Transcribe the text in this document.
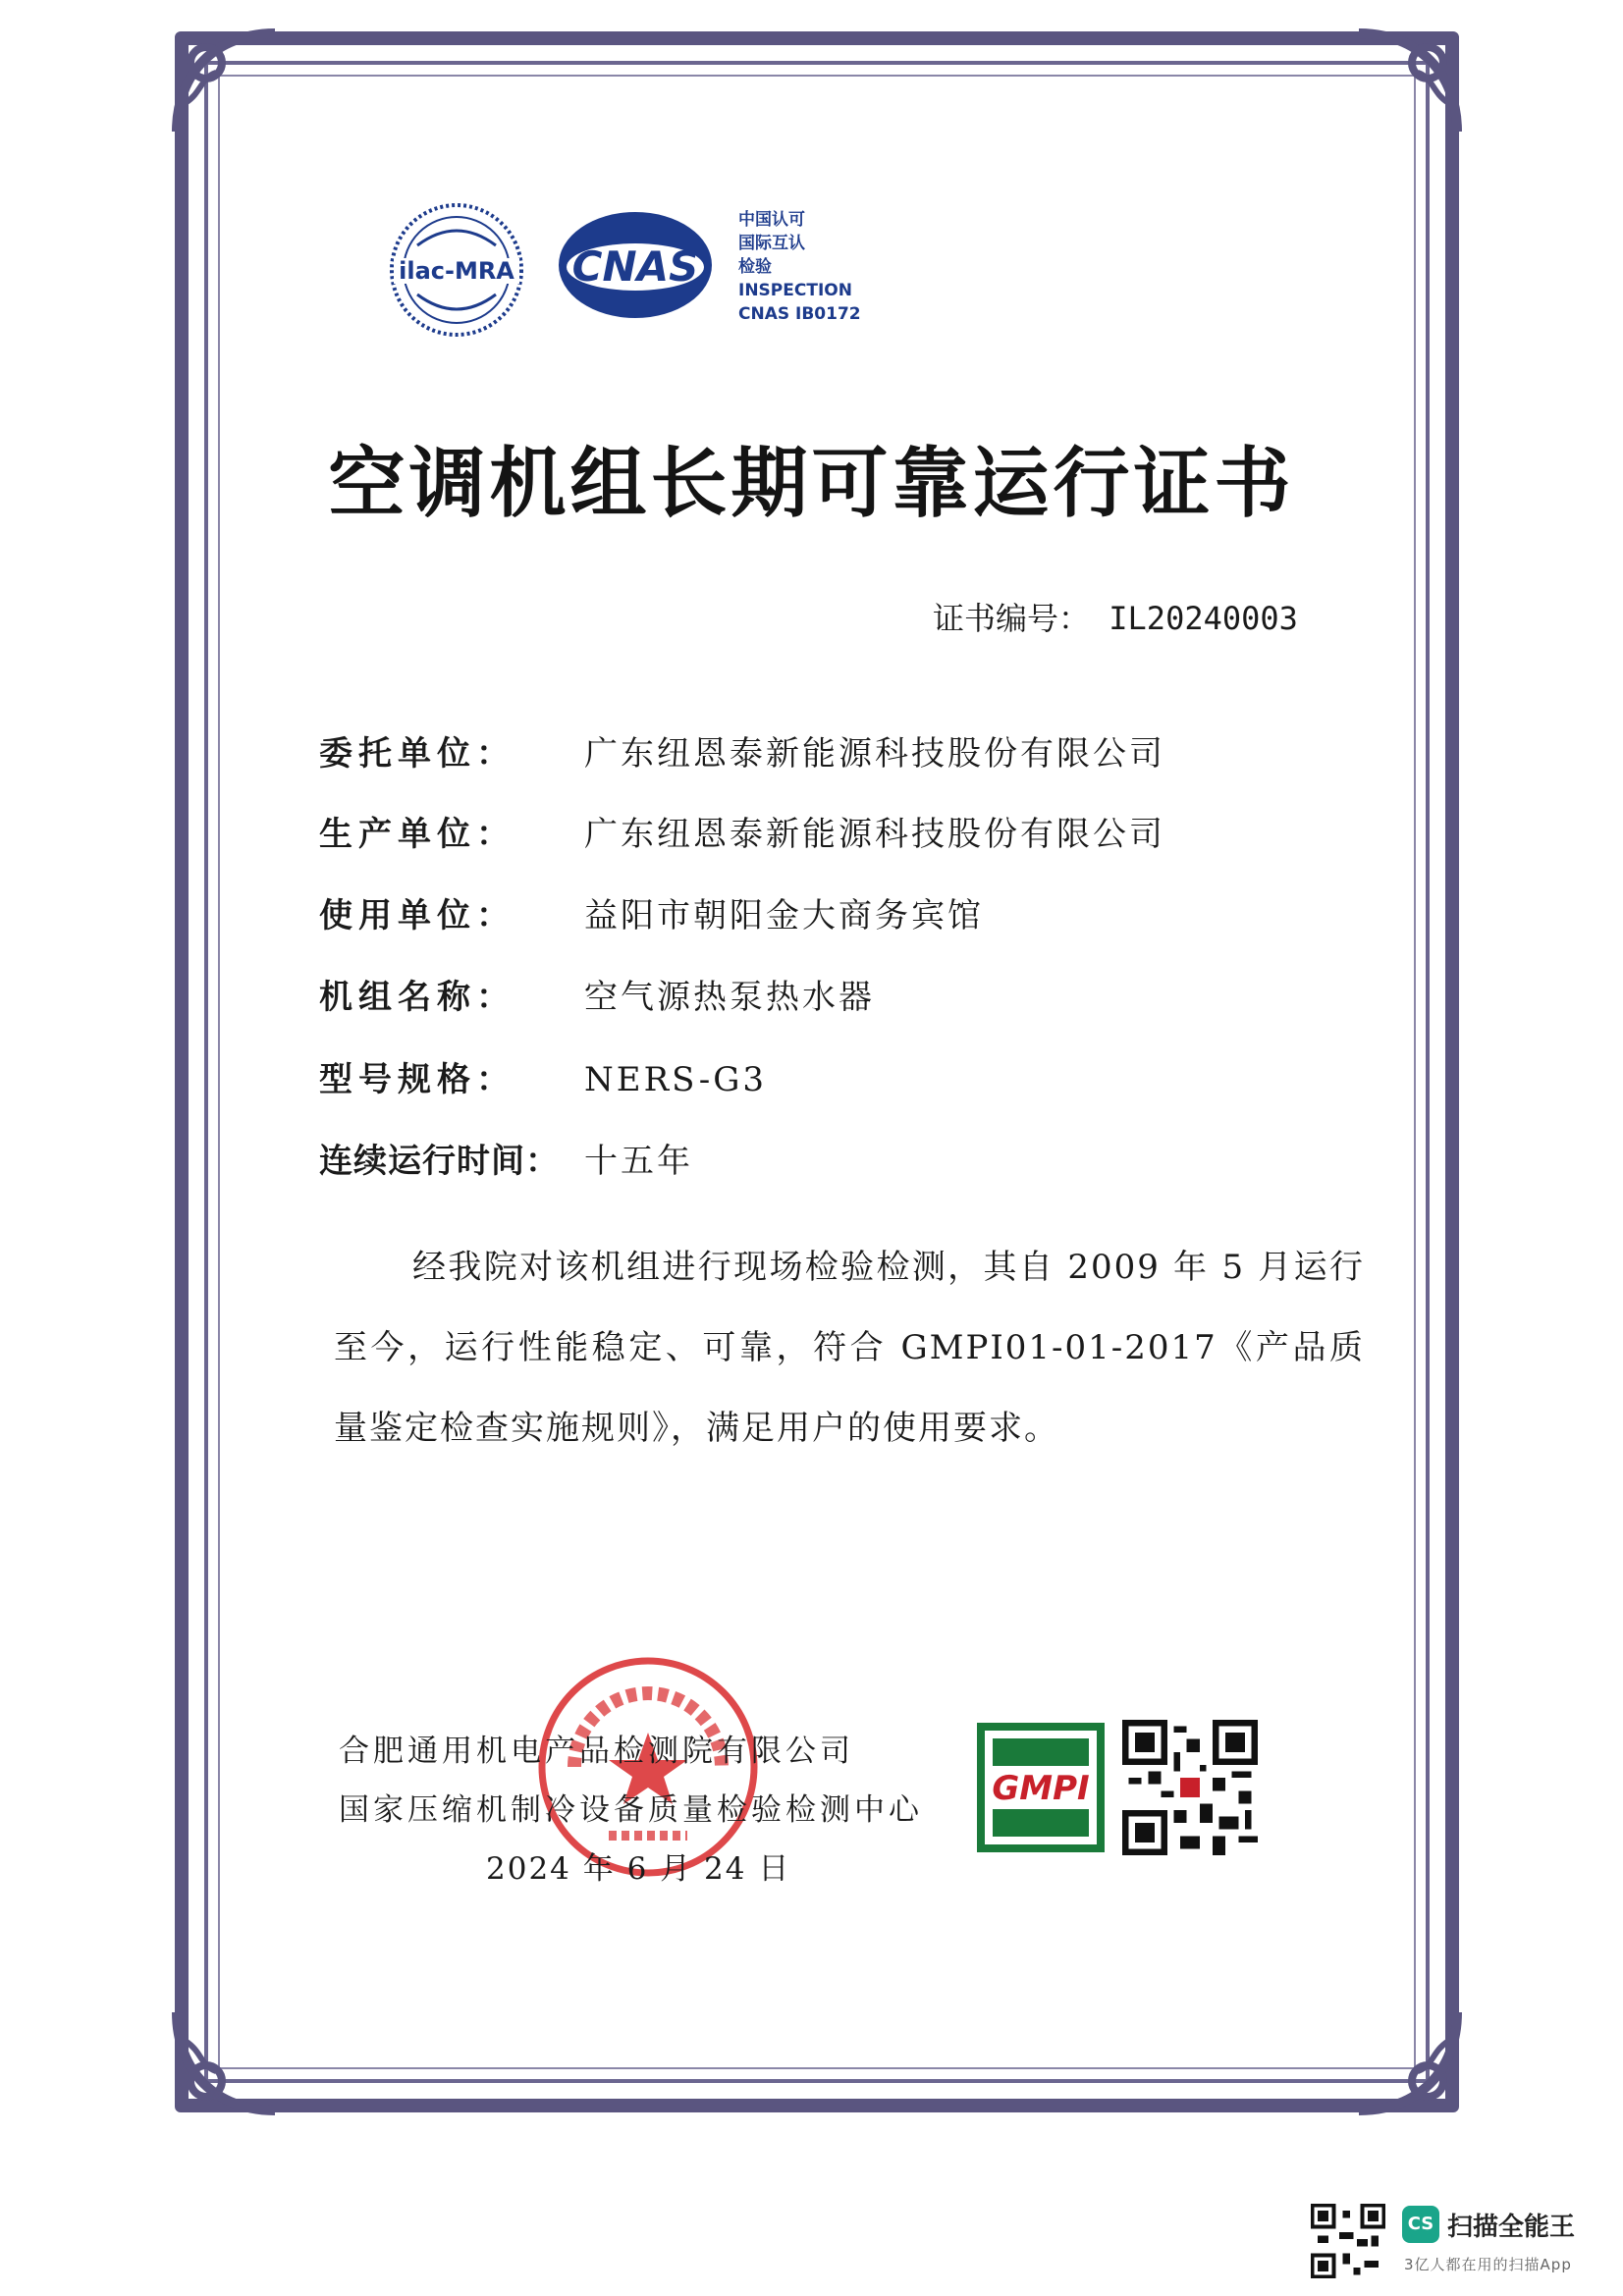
ilac-MRA CNAS
中国认可
国际互认
检验
INSPECTION
CNAS IB0172
空调机组长期可靠运行证书
证书编号： IL20240003
委托单位： 广东纽恩泰新能源科技股份有限公司
生产单位： 广东纽恩泰新能源科技股份有限公司
使用单位： 益阳市朝阳金大商务宾馆
机组名称： 空气源热泵热水器
型号规格： NERS-G3
连续运行时间： 十五年
经我院对该机组进行现场检验检测，其自 2009 年 5 月运行至今，运行性能稳定、可靠，符合 GMPI01-01-2017《产品质量鉴定检查实施规则》，满足用户的使用要求。
合肥通用机电产品检测院有限公司
国家压缩机制冷设备质量检验检测中心
2024 年 6 月 24 日
GMPI
CS 扫描全能王
3亿人都在用的扫描App
